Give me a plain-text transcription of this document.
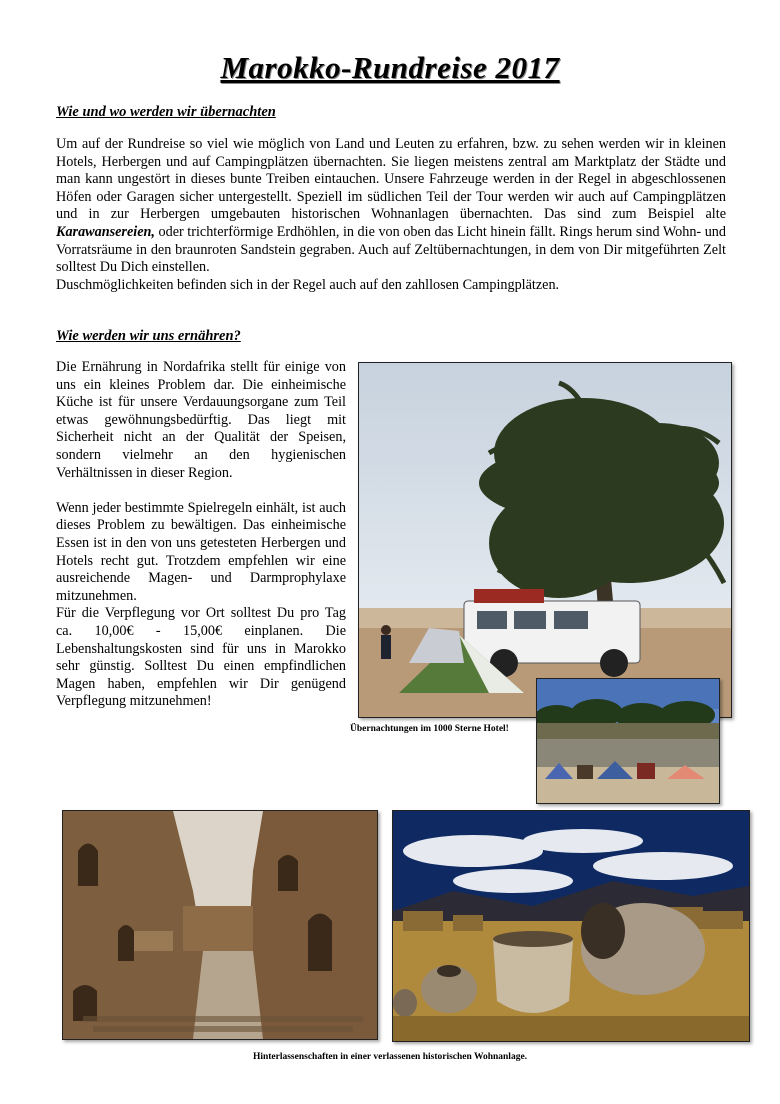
Marokko-Rundreise 2017
Wie und wo werden wir übernachten
Um auf der Rundreise so viel wie möglich von Land und Leuten zu erfahren, bzw. zu sehen werden wir in kleinen Hotels, Herbergen und auf Campingplätzen übernachten. Sie liegen meistens zentral am Marktplatz der Städte und man kann ungestört in dieses bunte Treiben eintauchen. Unsere Fahrzeuge werden in der Regel in abgeschlossenen Höfen oder Garagen sicher untergestellt. Speziell im südlichen Teil der Tour werden wir auch auf Campingplätzen und in zur Herbergen umgebauten historischen Wohnanlagen übernachten. Das sind zum Beispiel alte Karawansereien, oder trichterförmige Erdhöhlen, in die von oben das Licht hinein fällt. Rings herum sind Wohn- und Vorratsräume in den braunroten Sandstein gegraben. Auch auf Zeltübernachtungen, in dem von Dir mitgeführten Zelt solltest Du Dich einstellen.
Duschmöglichkeiten befinden sich in der Regel auch auf den zahllosen Campingplätzen.
Wie werden wir uns ernähren?

Die Ernährung in Nordafrika stellt für einige von uns ein kleines Problem dar. Die einheimische Küche ist für unsere Verdauungsorgane zum Teil etwas gewöhnungsbedürftig. Das liegt mit Sicherheit nicht an der Qualität der Speisen, sondern vielmehr an den hygienischen Verhältnissen in dieser Region.

Wenn jeder bestimmte Spielregeln einhält, ist auch dieses Problem zu bewältigen. Das einheimische Essen ist in den von uns getesteten Herbergen und Hotels recht gut. Trotzdem empfehlen wir eine ausreichende Magen- und Darmprophylaxe mitzunehmen.

Für die Verpflegung vor Ort solltest Du pro Tag ca. 10,00€ - 15,00€ einplanen. Die Lebenshaltungskosten sind für uns in Marokko sehr günstig. Solltest Du einen empfindlichen Magen haben, empfehlen wir Dir genügend Verpflegung mitzunehmen!

Übernachtungen im 1000 Sterne Hotel!
Hinterlassenschaften in einer verlassenen historischen Wohnanlage.
